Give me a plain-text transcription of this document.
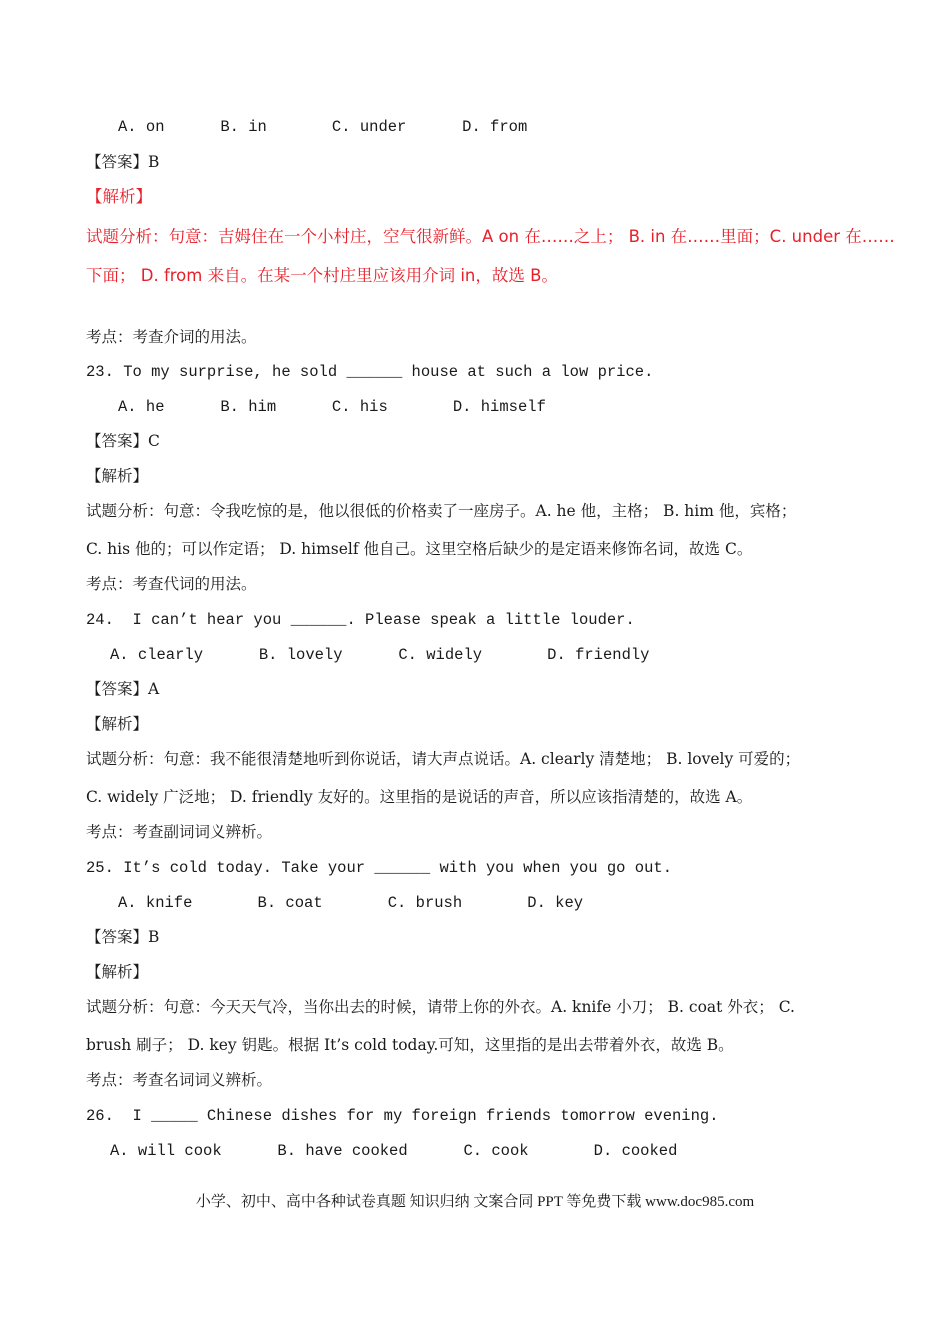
A. on      B. in       C. under      D. from
【答案】B
【解析】
试题分析：句意：吉姆住在一个小村庄，空气很新鲜。A on 在……之上； B. in 在……里面；C. under 在……
下面； D. from 来自。在某一个村庄里应该用介词 in，故选 B。
考点：考查介词的用法。
23. To my surprise, he sold ______ house at such a low price.
A. he      B. him      C. his       D. himself
【答案】C
【解析】
试题分析：句意：令我吃惊的是，他以很低的价格卖了一座房子。A. he 他，主格； B. him 他，宾格；
C. his 他的；可以作定语； D. himself 他自己。这里空格后缺少的是定语来修饰名词，故选 C。
考点：考查代词的用法。
24.  I can’t hear you ______. Please speak a little louder.
A. clearly      B. lovely      C. widely       D. friendly
【答案】A
【解析】
试题分析：句意：我不能很清楚地听到你说话，请大声点说话。A. clearly 清楚地； B. lovely 可爱的；
C. widely 广泛地； D. friendly 友好的。这里指的是说话的声音，所以应该指清楚的，故选 A。
考点：考查副词词义辨析。
25. It’s cold today. Take your ______ with you when you go out.
A. knife       B. coat       C. brush       D. key
【答案】B
【解析】
试题分析：句意：今天天气冷，当你出去的时候，请带上你的外衣。A. knife 小刀； B. coat 外衣； C.
brush 刷子； D. key 钥匙。根据 It’s cold today.可知，这里指的是出去带着外衣，故选 B。
考点：考查名词词义辨析。
26.  I _____ Chinese dishes for my foreign friends tomorrow evening.
A. will cook      B. have cooked      C. cook       D. cooked
小学、初中、高中各种试卷真题 知识归纳 文案合同 PPT 等免费下载 www.doc985.com
